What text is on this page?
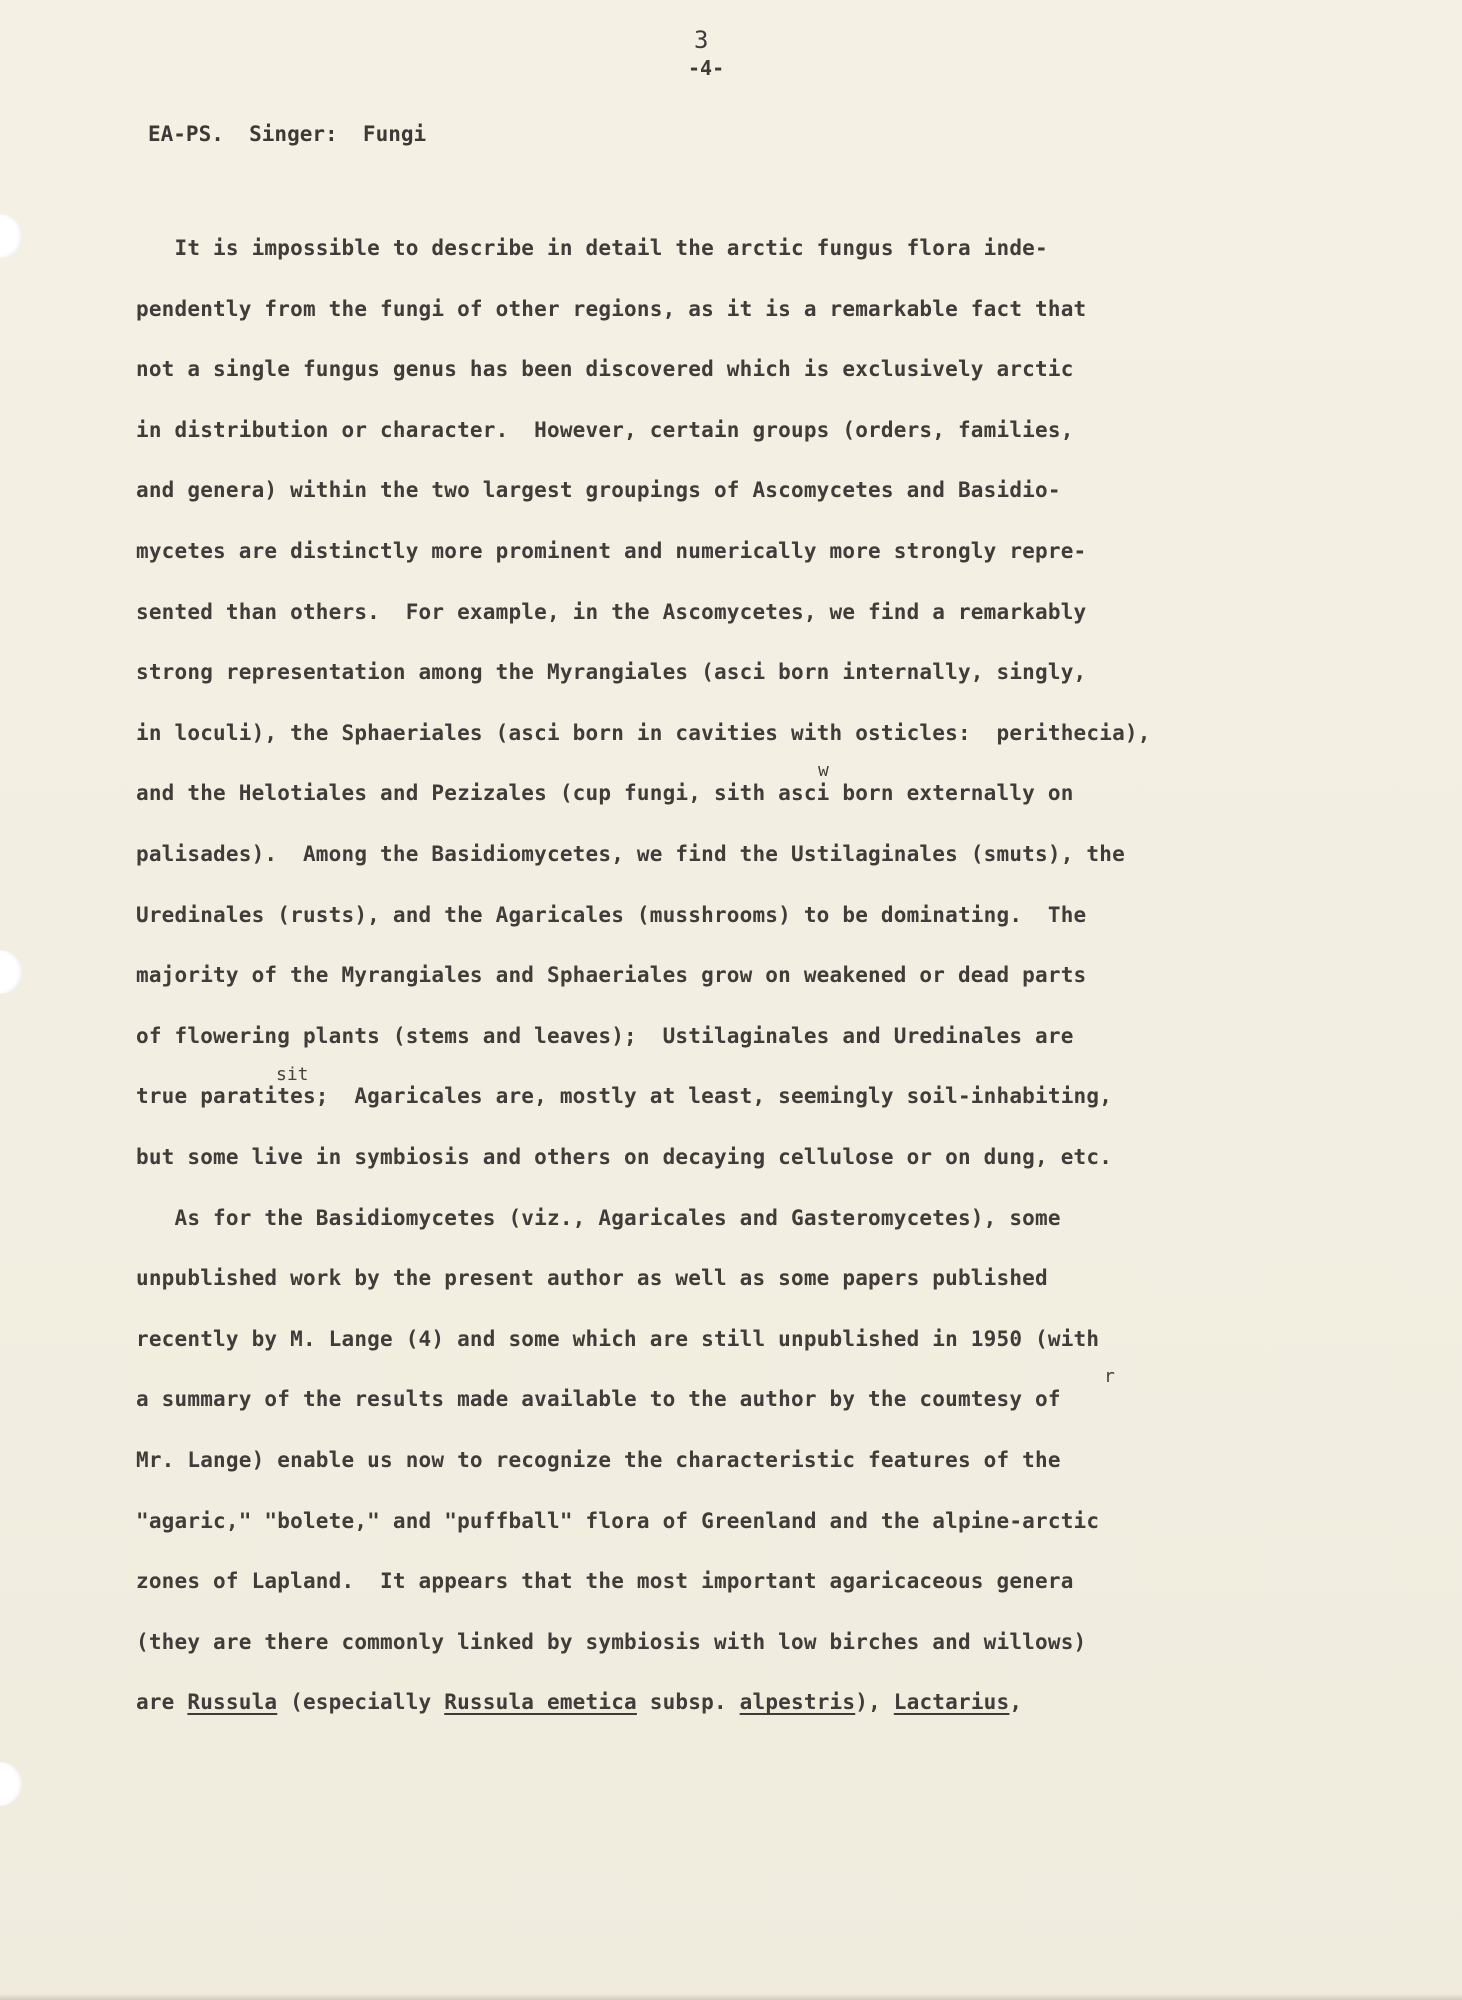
3
-4-
EA-PS.  Singer:  Fungi
It is impossible to describe in detail the arctic fungus flora inde-
pendently from the fungi of other regions, as it is a remarkable fact that
not a single fungus genus has been discovered which is exclusively arctic
in distribution or character.  However, certain groups (orders, families,
and genera) within the two largest groupings of Ascomycetes and Basidio-
mycetes are distinctly more prominent and numerically more strongly repre-
sented than others.  For example, in the Ascomycetes, we find a remarkably
strong representation among the Myrangiales (asci born internally, singly,
in loculi), the Sphaeriales (asci born in cavities with osticles:  perithecia),
and the Helotiales and Pezizales (cup fungi, sith asci born externally on
palisades).  Among the Basidiomycetes, we find the Ustilaginales (smuts), the
Uredinales (rusts), and the Agaricales (musshrooms) to be dominating.  The
majority of the Myrangiales and Sphaeriales grow on weakened or dead parts
of flowering plants (stems and leaves);  Ustilaginales and Uredinales are
true paratites;  Agaricales are, mostly at least, seemingly soil-inhabiting,
but some live in symbiosis and others on decaying cellulose or on dung, etc.
As for the Basidiomycetes (viz., Agaricales and Gasteromycetes), some
unpublished work by the present author as well as some papers published
recently by M. Lange (4) and some which are still unpublished in 1950 (with
a summary of the results made available to the author by the coumtesy of
Mr. Lange) enable us now to recognize the characteristic features of the
"agaric," "bolete," and "puffball" flora of Greenland and the alpine-arctic
zones of Lapland.  It appears that the most important agaricaceous genera
(they are there commonly linked by symbiosis with low birches and willows)
are Russula (especially Russula emetica subsp. alpestris), Lactarius,
w
sit
r
